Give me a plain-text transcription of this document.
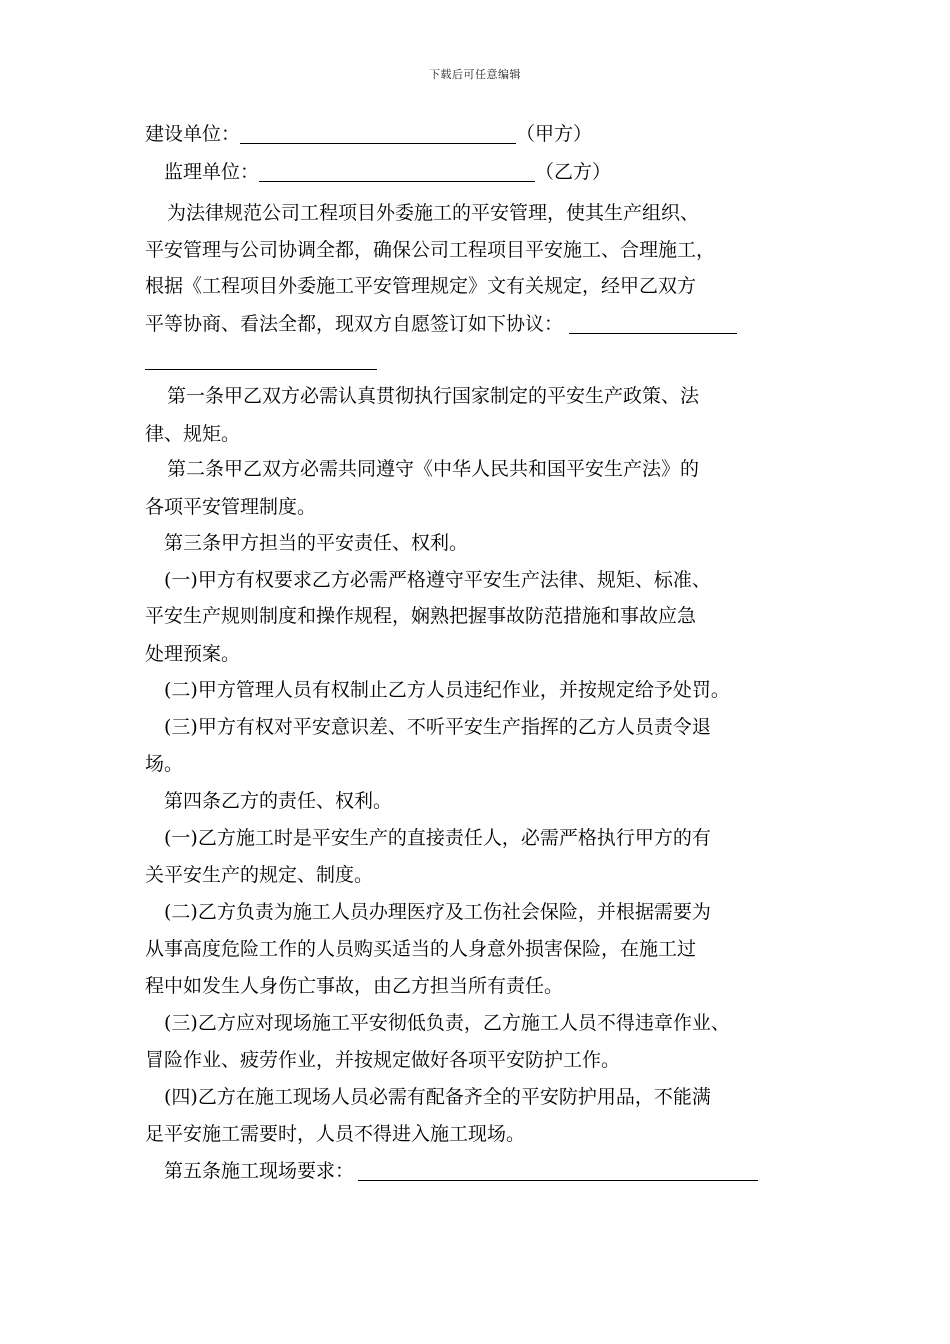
下载后可任意编辑
建设单位：	（甲方）
监理单位：	（乙方）
为法律规范公司工程项目外委施工的平安管理，使其生产组织、
平安管理与公司协调全都，确保公司工程项目平安施工、合理施工，
根据《工程项目外委施工平安管理规定》文有关规定，经甲乙双方
平等协商、看法全都，现双方自愿签订如下协议：
第一条甲乙双方必需认真贯彻执行国家制定的平安生产政策、法
律、规矩。
第二条甲乙双方必需共同遵守《中华人民共和国平安生产法》的
各项平安管理制度。
第三条甲方担当的平安责任、权利。
(一)甲方有权要求乙方必需严格遵守平安生产法律、规矩、标准、
平安生产规则制度和操作规程，娴熟把握事故防范措施和事故应急
处理预案。
(二)甲方管理人员有权制止乙方人员违纪作业，并按规定给予处罚。
(三)甲方有权对平安意识差、不听平安生产指挥的乙方人员责令退
场。
第四条乙方的责任、权利。
(一)乙方施工时是平安生产的直接责任人，必需严格执行甲方的有
关平安生产的规定、制度。
(二)乙方负责为施工人员办理医疗及工伤社会保险，并根据需要为
从事高度危险工作的人员购买适当的人身意外损害保险，在施工过
程中如发生人身伤亡事故，由乙方担当所有责任。
(三)乙方应对现场施工平安彻低负责，乙方施工人员不得违章作业、
冒险作业、疲劳作业，并按规定做好各项平安防护工作。
(四)乙方在施工现场人员必需有配备齐全的平安防护用品，不能满
足平安施工需要时，人员不得进入施工现场。
第五条施工现场要求：
